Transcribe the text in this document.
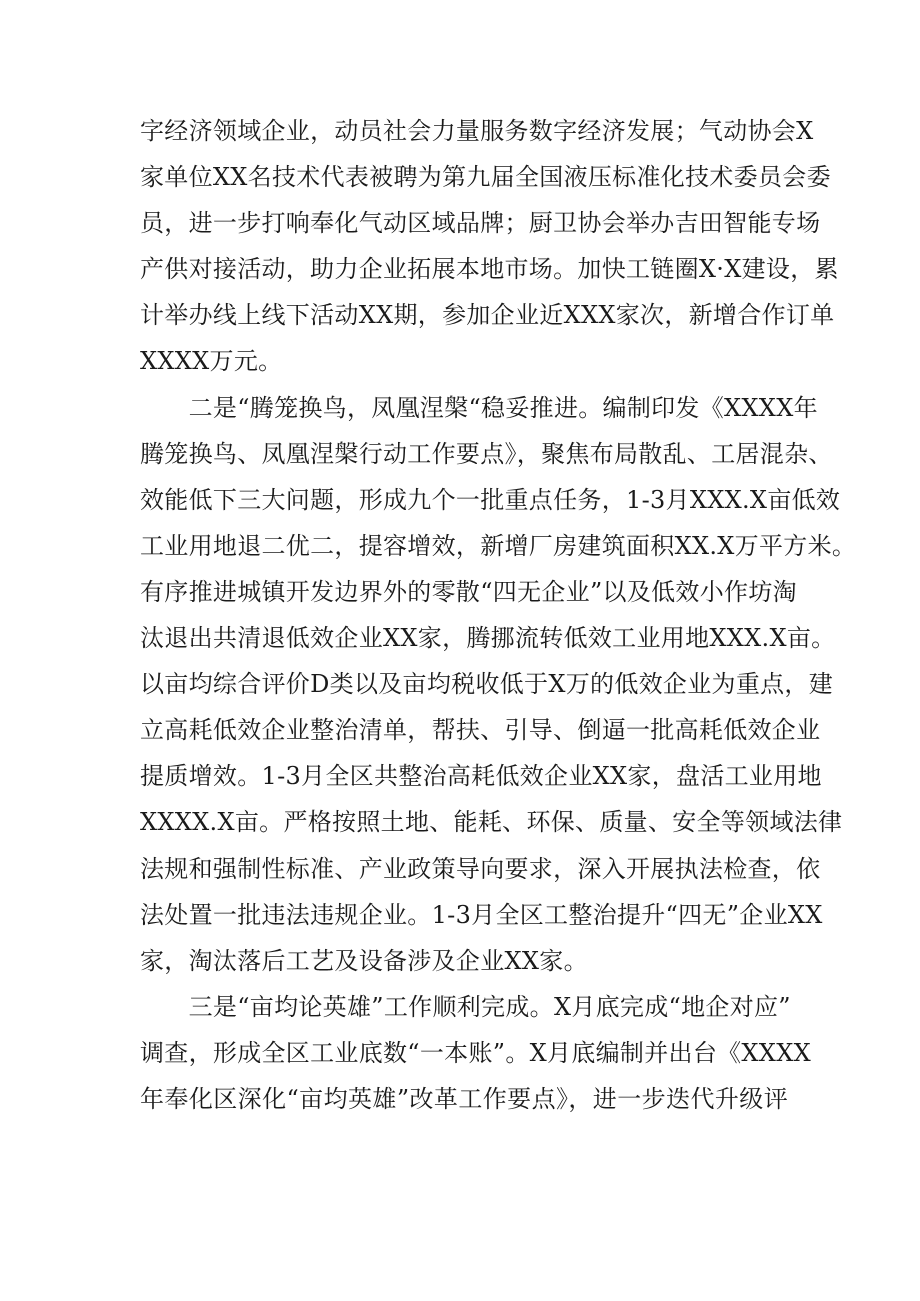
字经济领域企业，动员社会力量服务数字经济发展；气动协会X
家单位XX名技术代表被聘为第九届全国液压标准化技术委员会委
员，进一步打响奉化气动区域品牌；厨卫协会举办吉田智能专场
产供对接活动，助力企业拓展本地市场。加快工链圈X·X建设，累
计举办线上线下活动XX期，参加企业近XXX家次，新增合作订单
XXXX万元。
　　二是“腾笼换鸟，凤凰涅槃“稳妥推进。编制印发《XXXX年
腾笼换鸟、凤凰涅槃行动工作要点》，聚焦布局散乱、工居混杂、
效能低下三大问题，形成九个一批重点任务，1-3月XXX.X亩低效
工业用地退二优二，提容增效，新增厂房建筑面积XX.X万平方米。
有序推进城镇开发边界外的零散“四无企业”以及低效小作坊淘
汰退出共清退低效企业XX家，腾挪流转低效工业用地XXX.X亩。
以亩均综合评价D类以及亩均税收低于X万的低效企业为重点，建
立高耗低效企业整治清单，帮扶、引导、倒逼一批高耗低效企业
提质增效。1-3月全区共整治高耗低效企业XX家，盘活工业用地
XXXX.X亩。严格按照土地、能耗、环保、质量、安全等领域法律
法规和强制性标准、产业政策导向要求，深入开展执法检查，依
法处置一批违法违规企业。1-3月全区工整治提升“四无”企业XX
家，淘汰落后工艺及设备涉及企业XX家。
　　三是“亩均论英雄”工作顺利完成。X月底完成“地企对应”
调查，形成全区工业底数“一本账”。X月底编制并出台《XXXX
年奉化区深化“亩均英雄”改革工作要点》，进一步迭代升级评
